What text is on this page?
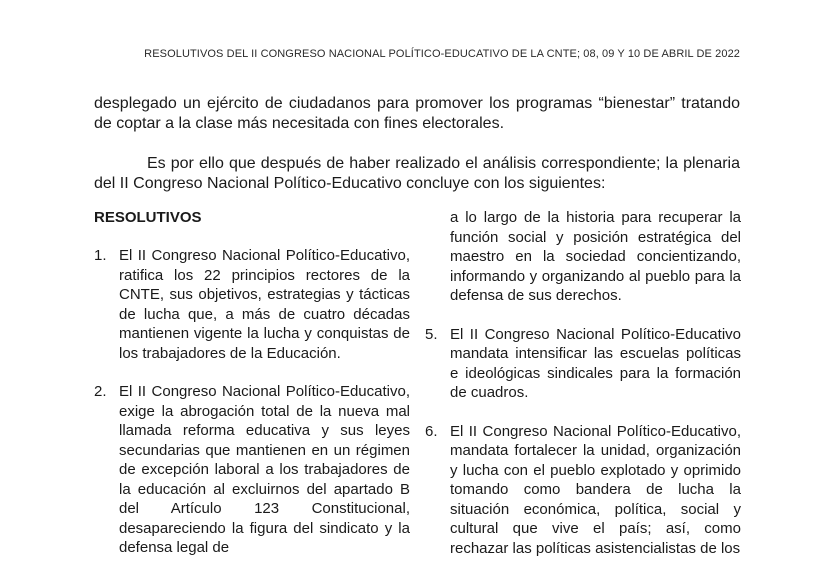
RESOLUTIVOS DEL II CONGRESO NACIONAL POLÍTICO-EDUCATIVO DE LA CNTE; 08, 09 Y 10 DE ABRIL DE 2022

desplegado un ejército de ciudadanos para promover los programas “bienestar” tratando de coptar a la clase más necesitada con fines electorales.

Es por ello que después de haber realizado el análisis correspondiente; la plenaria del II Congreso Nacional Político-Educativo concluye con los siguientes:

RESOLUTIVOS
1. El II Congreso Nacional Político-Educativo, ratifica los 22 principios rectores de la CNTE, sus objetivos, estrategias y tácticas de lucha que, a más de cuatro décadas mantienen vigente la lucha y conquistas de los trabajadores de la Educación.

2. El II Congreso Nacional Político-Educativo, exige la abrogación total de la nueva mal llamada reforma educativa y sus leyes secundarias que mantienen en un régimen de excepción laboral a los trabajadores de la educación al excluirnos del apartado B del Artículo 123 Constitucional, desapareciendo la figura del sindicato y la defensa legal de

a lo largo de la historia para recuperar la función social y posición estratégica del maestro en la sociedad concientizando, informando y organizando al pueblo para la defensa de sus derechos.

5. El II Congreso Nacional Político-Educativo mandata intensificar las escuelas políticas e ideológicas sindicales para la formación de cuadros.

6. El II Congreso Nacional Político-Educativo, mandata fortalecer la unidad, organización y lucha con el pueblo explotado y oprimido tomando como bandera de lucha la situación económica, política, social y cultural que vive el país; así, como rechazar las políticas asistencialistas de los
